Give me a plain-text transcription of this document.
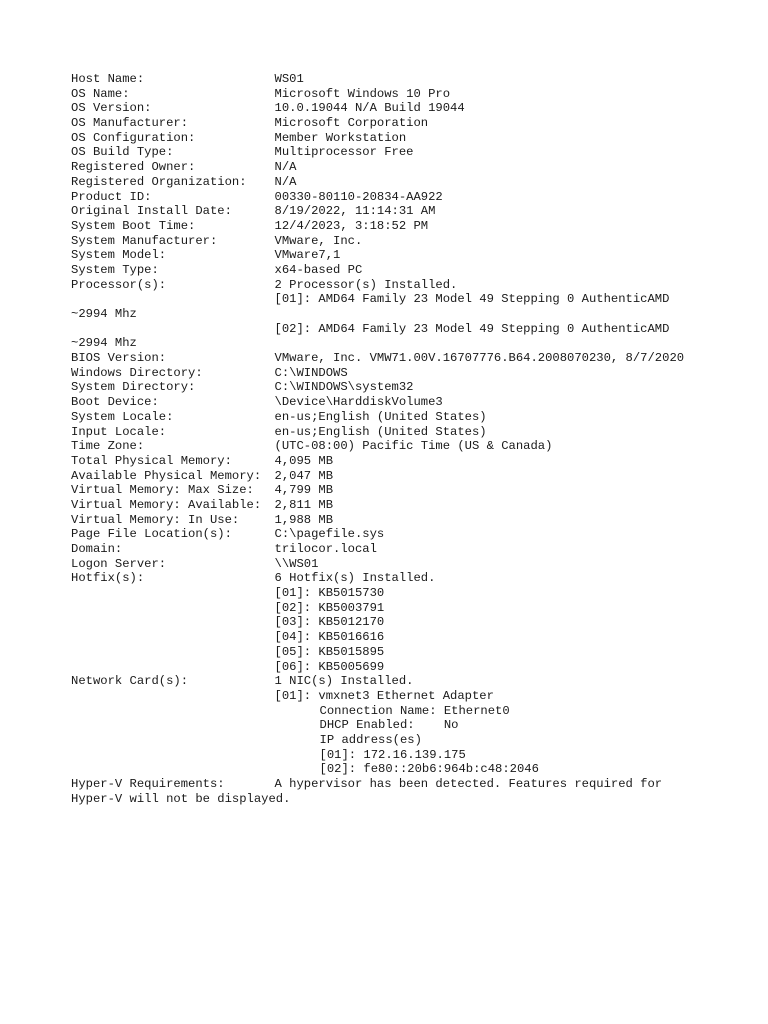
Host Name:	WS01
OS Name:	Microsoft Windows 10 Pro
OS Version:	10.0.19044 N/A Build 19044
OS Manufacturer:	Microsoft Corporation
OS Configuration:	Member Workstation
OS Build Type:	Multiprocessor Free
Registered Owner:	N/A
Registered Organization: N/A
Product ID:	00330-80110-20834-AA922
Original Install Date:	8/19/2022, 11:14:31 AM
System Boot Time:	12/4/2023, 3:18:52 PM
System Manufacturer:	VMware, Inc.
System Model:	VMware7,1
System Type:	x64-based PC
Processor(s):	2 Processor(s) Installed.
[01]: AMD64 Family 23 Model 49 Stepping 0 AuthenticAMD
~2994 Mhz
[02]: AMD64 Family 23 Model 49 Stepping 0 AuthenticAMD
~2994 Mhz
BIOS Version:	VMware, Inc. VMW71.00V.16707776.B64.2008070230, 8/7/2020
Windows Directory:	C:\WINDOWS
System Directory:	C:\WINDOWS\system32
Boot Device:	\Device\HarddiskVolume3
System Locale:	en-us;English (United States)
Input Locale:	en-us;English (United States)
Time Zone:	(UTC-08:00) Pacific Time (US & Canada)
Total Physical Memory:	4,095 MB
Available Physical Memory: 2,047 MB
Virtual Memory: Max Size: 4,799 MB
Virtual Memory: Available: 2,811 MB
Virtual Memory: In Use:	1,988 MB
Page File Location(s):	C:\pagefile.sys
Domain:	trilocor.local
Logon Server:	\\WS01
Hotfix(s):	6 Hotfix(s) Installed.
[01]: KB5015730
[02]: KB5003791
[03]: KB5012170
[04]: KB5016616
[05]: KB5015895
[06]: KB5005699
Network Card(s):	1 NIC(s) Installed.
[01]: vmxnet3 Ethernet Adapter
Connection Name: Ethernet0
DHCP Enabled:    No
IP address(es)
[01]: 172.16.139.175
[02]: fe80::20b6:964b:c48:2046
Hyper-V Requirements:	A hypervisor has been detected. Features required for
Hyper-V will not be displayed.
